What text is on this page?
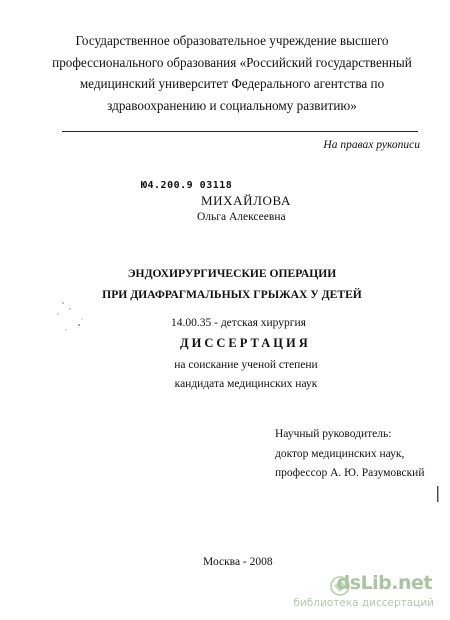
Государственное образовательное учреждение высшего
профессионального образования «Российский государственный
медицинский университет Федерального агентства по
здравоохранению и социальному развитию»
На правах рукописи
Ю4.200.9 03118
МИХАЙЛОВА
Ольга Алексеевна
ЭНДОХИРУРГИЧЕСКИЕ ОПЕРАЦИИ
ПРИ ДИАФРАГМАЛЬНЫХ ГРЫЖАХ У ДЕТЕЙ
14.00.35 - детская хирургия
ДИССЕРТАЦИЯ
на соискание ученой степени
кандидата медицинских наук
Научный руководитель:
доктор медицинских наук,
профессор А. Ю. Разумовский
Москва - 2008
dsLib.net
библиотека диссертаций
